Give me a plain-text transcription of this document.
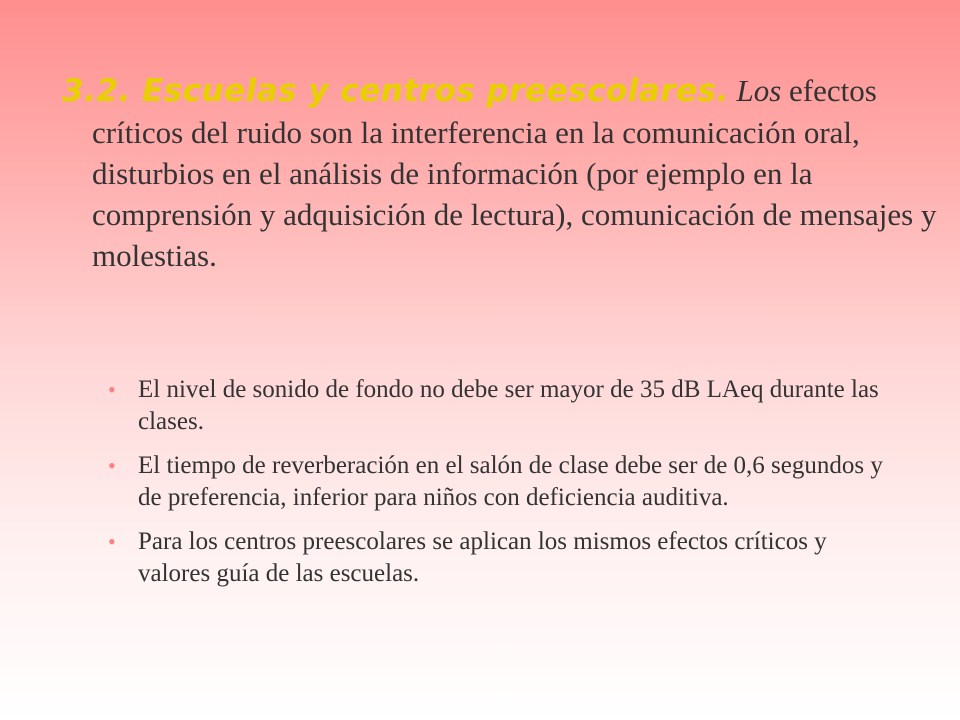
3.2. Escuelas y centros preescolares. Los efectos críticos del ruido son la interferencia en la comunicación oral, disturbios en el análisis de información (por ejemplo en la comprensión y adquisición de lectura), comunicación de mensajes y molestias.

• El nivel de sonido de fondo no debe ser mayor de 35 dB LAeq durante las clases.
• El tiempo de reverberación en el salón de clase debe ser de 0,6 segundos y de preferencia, inferior para niños con deficiencia auditiva.
• Para los centros preescolares se aplican los mismos efectos críticos y valores guía de las escuelas.
